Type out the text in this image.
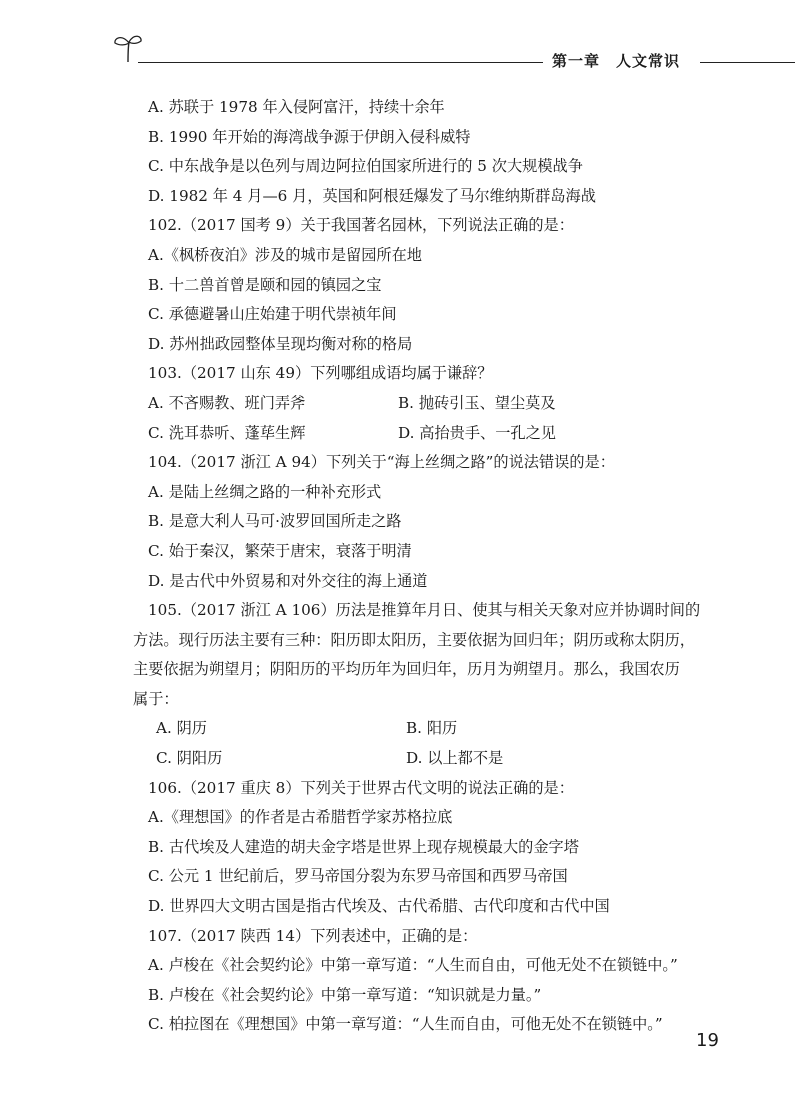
第一章　人文常识
A. 苏联于 1978 年入侵阿富汗，持续十余年
B. 1990 年开始的海湾战争源于伊朗入侵科威特
C. 中东战争是以色列与周边阿拉伯国家所进行的 5 次大规模战争
D. 1982 年 4 月—6 月，英国和阿根廷爆发了马尔维纳斯群岛海战
102.（2017 国考 9）关于我国著名园林，下列说法正确的是：
A.《枫桥夜泊》涉及的城市是留园所在地
B. 十二兽首曾是颐和园的镇园之宝
C. 承德避暑山庄始建于明代崇祯年间
D. 苏州拙政园整体呈现均衡对称的格局
103.（2017 山东 49）下列哪组成语均属于谦辞？
A. 不吝赐教、班门弄斧	B. 抛砖引玉、望尘莫及
C. 洗耳恭听、蓬荜生辉	D. 高抬贵手、一孔之见
104.（2017 浙江 A 94）下列关于“海上丝绸之路”的说法错误的是：
A. 是陆上丝绸之路的一种补充形式
B. 是意大利人马可·波罗回国所走之路
C. 始于秦汉，繁荣于唐宋，衰落于明清
D. 是古代中外贸易和对外交往的海上通道
105.（2017 浙江 A 106）历法是推算年月日、使其与相关天象对应并协调时间的
方法。现行历法主要有三种：阳历即太阳历，主要依据为回归年；阴历或称太阴历，
主要依据为朔望月；阴阳历的平均历年为回归年，历月为朔望月。那么，我国农历
属于：
A. 阴历	B. 阳历
C. 阴阳历	D. 以上都不是
106.（2017 重庆 8）下列关于世界古代文明的说法正确的是：
A.《理想国》的作者是古希腊哲学家苏格拉底
B. 古代埃及人建造的胡夫金字塔是世界上现存规模最大的金字塔
C. 公元 1 世纪前后，罗马帝国分裂为东罗马帝国和西罗马帝国
D. 世界四大文明古国是指古代埃及、古代希腊、古代印度和古代中国
107.（2017 陕西 14）下列表述中，正确的是：
A. 卢梭在《社会契约论》中第一章写道：“人生而自由，可他无处不在锁链中。”
B. 卢梭在《社会契约论》中第一章写道：“知识就是力量。”
C. 柏拉图在《理想国》中第一章写道：“人生而自由，可他无处不在锁链中。”
19
